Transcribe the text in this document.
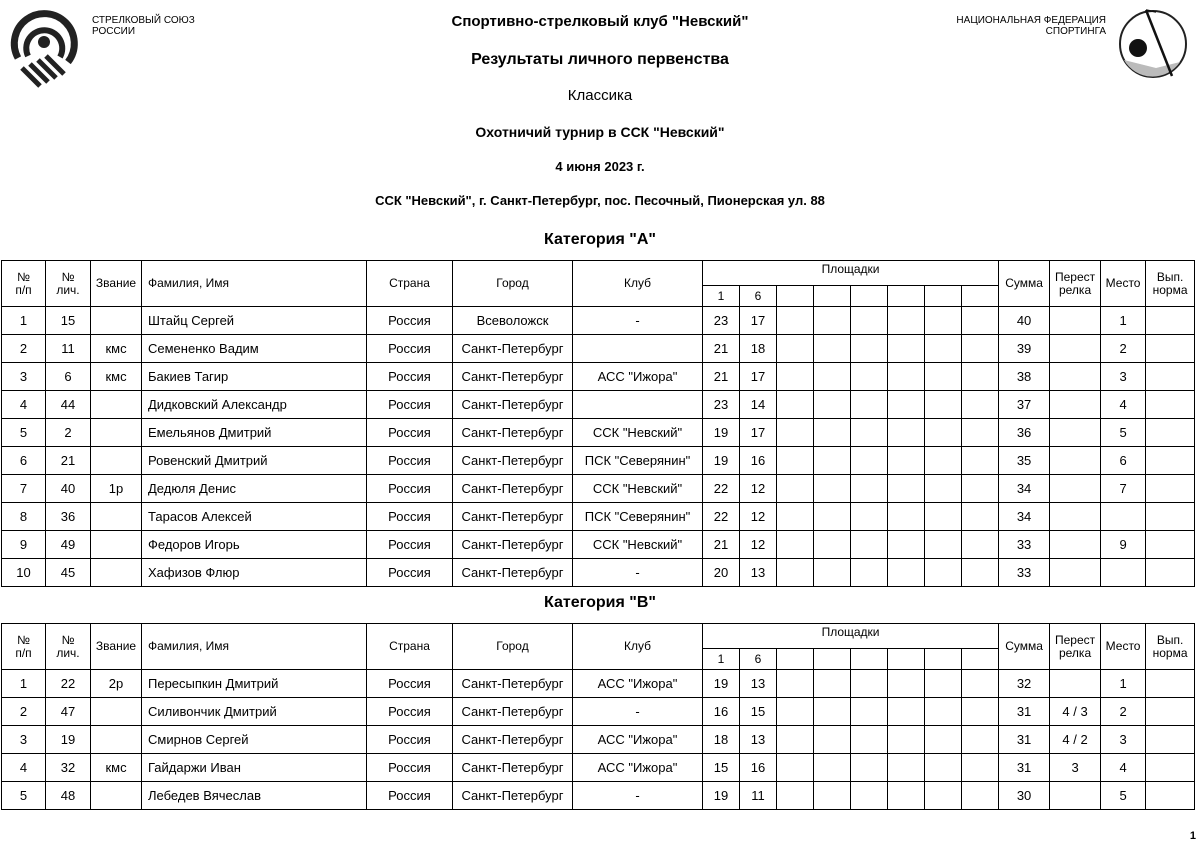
СТРЕЛКОВЫЙ СОЮЗ
РОССИИ
НАЦИОНАЛЬНАЯ ФЕДЕРАЦИЯ
СПОРТИНГА
Спортивно-стрелковый клуб "Невский"
Результаты личного первенства
Классика
Охотничий турнир в ССК "Невский"
4 июня 2023 г.
ССК "Невский", г. Санкт-Петербург, пос. Песочный, Пионерская ул. 88
Категория "А"
№
п/п	№
лич.	Звание	Фамилия, Имя	Страна	Город	Клуб	Площадки								Сумма	Перест
релка	Место	Вып.
норма
							1	6										
1	15		Штайц Сергей	Россия	Всеволожск	-	23	17							40		1	
2	11	кмс	Семененко Вадим	Россия	Санкт-Петербург		21	18							39		2	
3	6	кмс	Бакиев Тагир	Россия	Санкт-Петербург	АСС "Ижора"	21	17							38		3	
4	44		Дидковский Александр	Россия	Санкт-Петербург		23	14							37		4	
5	2		Емельянов Дмитрий	Россия	Санкт-Петербург	ССК "Невский"	19	17							36		5	
6	21		Ровенский Дмитрий	Россия	Санкт-Петербург	ПСК "Северянин"	19	16							35		6	
7	40	1р	Дедюля Денис	Россия	Санкт-Петербург	ССК "Невский"	22	12							34		7	
8	36		Тарасов Алексей	Россия	Санкт-Петербург	ПСК "Северянин"	22	12							34			
9	49		Федоров Игорь	Россия	Санкт-Петербург	ССК "Невский"	21	12							33		9	
10	45		Хафизов Флюр	Россия	Санкт-Петербург	-	20	13							33			
Категория "В"
№
п/п	№
лич.	Звание	Фамилия, Имя	Страна	Город	Клуб	Площадки								Сумма	Перест
релка	Место	Вып.
норма
							1	6										
1	22	2р	Пересыпкин Дмитрий	Россия	Санкт-Петербург	АСС "Ижора"	19	13							32		1	
2	47		Силивончик Дмитрий	Россия	Санкт-Петербург	-	16	15							31	4 / 3	2	
3	19		Смирнов Сергей	Россия	Санкт-Петербург	АСС "Ижора"	18	13							31	4 / 2	3	
4	32	кмс	Гайдаржи Иван	Россия	Санкт-Петербург	АСС "Ижора"	15	16							31	3	4	
5	48		Лебедев Вячеслав	Россия	Санкт-Петербург	-	19	11							30		5	
1
